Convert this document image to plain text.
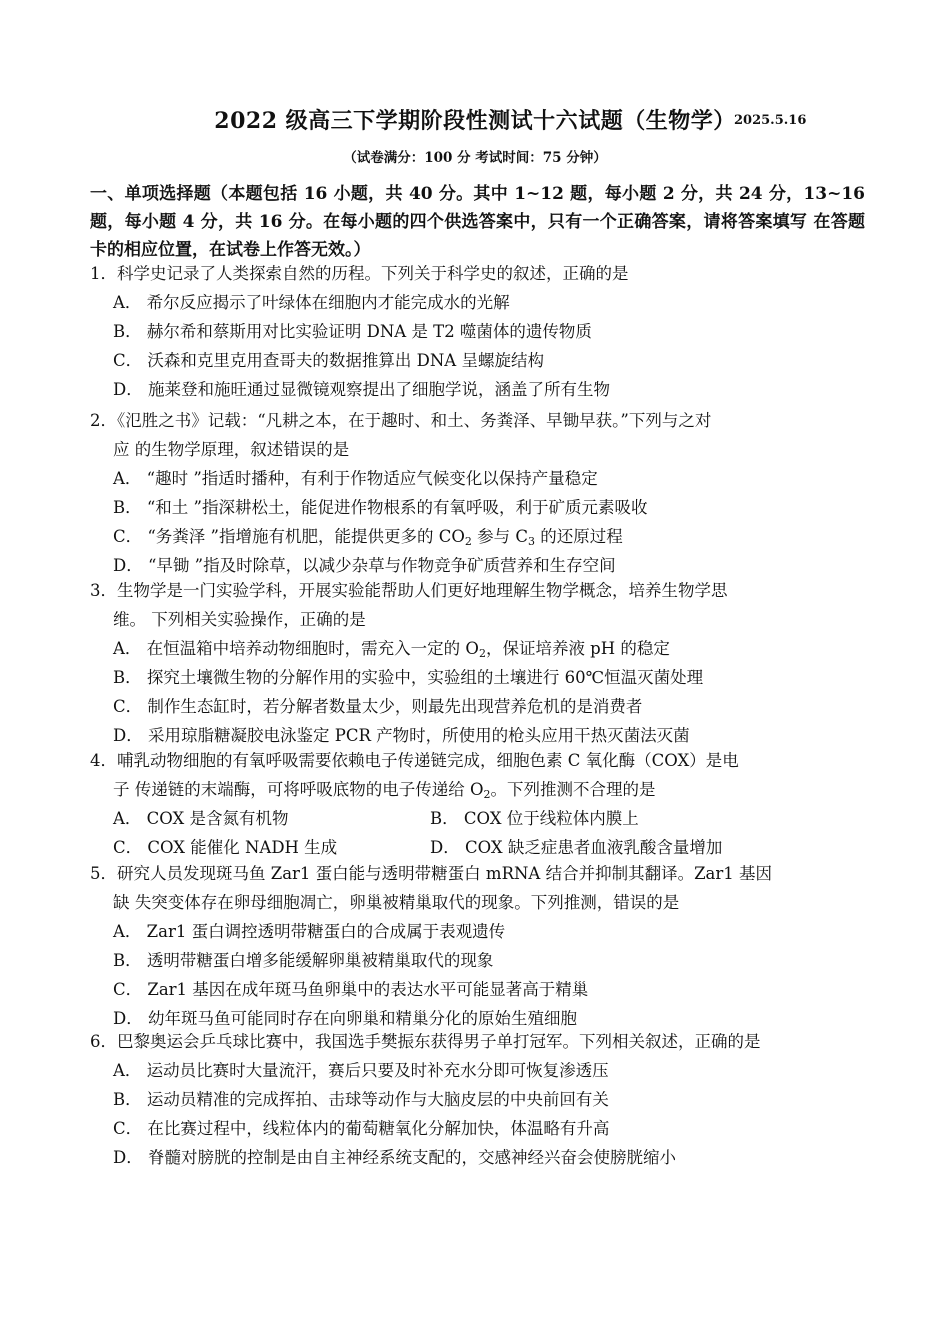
2022 级高三下学期阶段性测试十六试题（生物学）
2025.5.16
（试卷满分：100 分 考试时间：75 分钟）
一、单项选择题（本题包括 16 小题，共 40 分。其中 1~12 题，每小题 2 分，共 24 分，13~16 题，每小题 4 分，共 16 分。在每小题的四个供选答案中，只有一个正确答案，请将答案填写 在答题卡的相应位置，在试卷上作答无效。）
1．科学史记录了人类探索自然的历程。下列关于科学史的叙述，正确的是
A． 希尔反应揭示了叶绿体在细胞内才能完成水的光解
B． 赫尔希和蔡斯用对比实验证明 DNA 是 T2 噬菌体的遗传物质
C． 沃森和克里克用查哥夫的数据推算出 DNA 呈螺旋结构
D． 施莱登和施旺通过显微镜观察提出了细胞学说，涵盖了所有生物
2．《氾胜之书》记载：“凡耕之本，在于趣时、和土、务粪泽、早锄早获。”下列与之对
应 的生物学原理，叙述错误的是
A． “趣时 ”指适时播种，有利于作物适应气候变化以保持产量稳定
B． “和土 ”指深耕松土，能促进作物根系的有氧呼吸，利于矿质元素吸收
C． “务粪泽 ”指增施有机肥，能提供更多的 $CO_2$ 参与 $C_3$ 的还原过程
D． “早锄 ”指及时除草，以减少杂草与作物竞争矿质营养和生存空间
3．生物学是一门实验学科，开展实验能帮助人们更好地理解生物学概念，培养生物学思
维。 下列相关实验操作，正确的是
A． 在恒温箱中培养动物细胞时，需充入一定的 $O_2$，保证培养液 pH 的稳定
B． 探究土壤微生物的分解作用的实验中，实验组的土壤进行 60℃恒温灭菌处理
C． 制作生态缸时，若分解者数量太少，则最先出现营养危机的是消费者
D． 采用琼脂糖凝胶电泳鉴定 PCR 产物时，所使用的枪头应用干热灭菌法灭菌
4．哺乳动物细胞的有氧呼吸需要依赖电子传递链完成，细胞色素 C 氧化酶（COX）是电
子 传递链的末端酶，可将呼吸底物的电子传递给 $O_2$。下列推测不合理的是
A． COX 是含氮有机物	B． COX 位于线粒体内膜上
C． COX 能催化 NADH 生成	D． COX 缺乏症患者血液乳酸含量增加
5．研究人员发现斑马鱼 Zar1 蛋白能与透明带糖蛋白 mRNA 结合并抑制其翻译。Zar1 基因
缺 失突变体存在卵母细胞凋亡，卵巢被精巢取代的现象。下列推测，错误的是
A． Zar1 蛋白调控透明带糖蛋白的合成属于表观遗传
B． 透明带糖蛋白增多能缓解卵巢被精巢取代的现象
C． Zar1 基因在成年斑马鱼卵巢中的表达水平可能显著高于精巢
D． 幼年斑马鱼可能同时存在向卵巢和精巢分化的原始生殖细胞
6．巴黎奥运会乒乓球比赛中，我国选手樊振东获得男子单打冠军。下列相关叙述，正确的是
A． 运动员比赛时大量流汗，赛后只要及时补充水分即可恢复渗透压
B． 运动员精准的完成挥拍、击球等动作与大脑皮层的中央前回有关
C． 在比赛过程中，线粒体内的葡萄糖氧化分解加快，体温略有升高
D． 脊髓对膀胱的控制是由自主神经系统支配的，交感神经兴奋会使膀胱缩小
